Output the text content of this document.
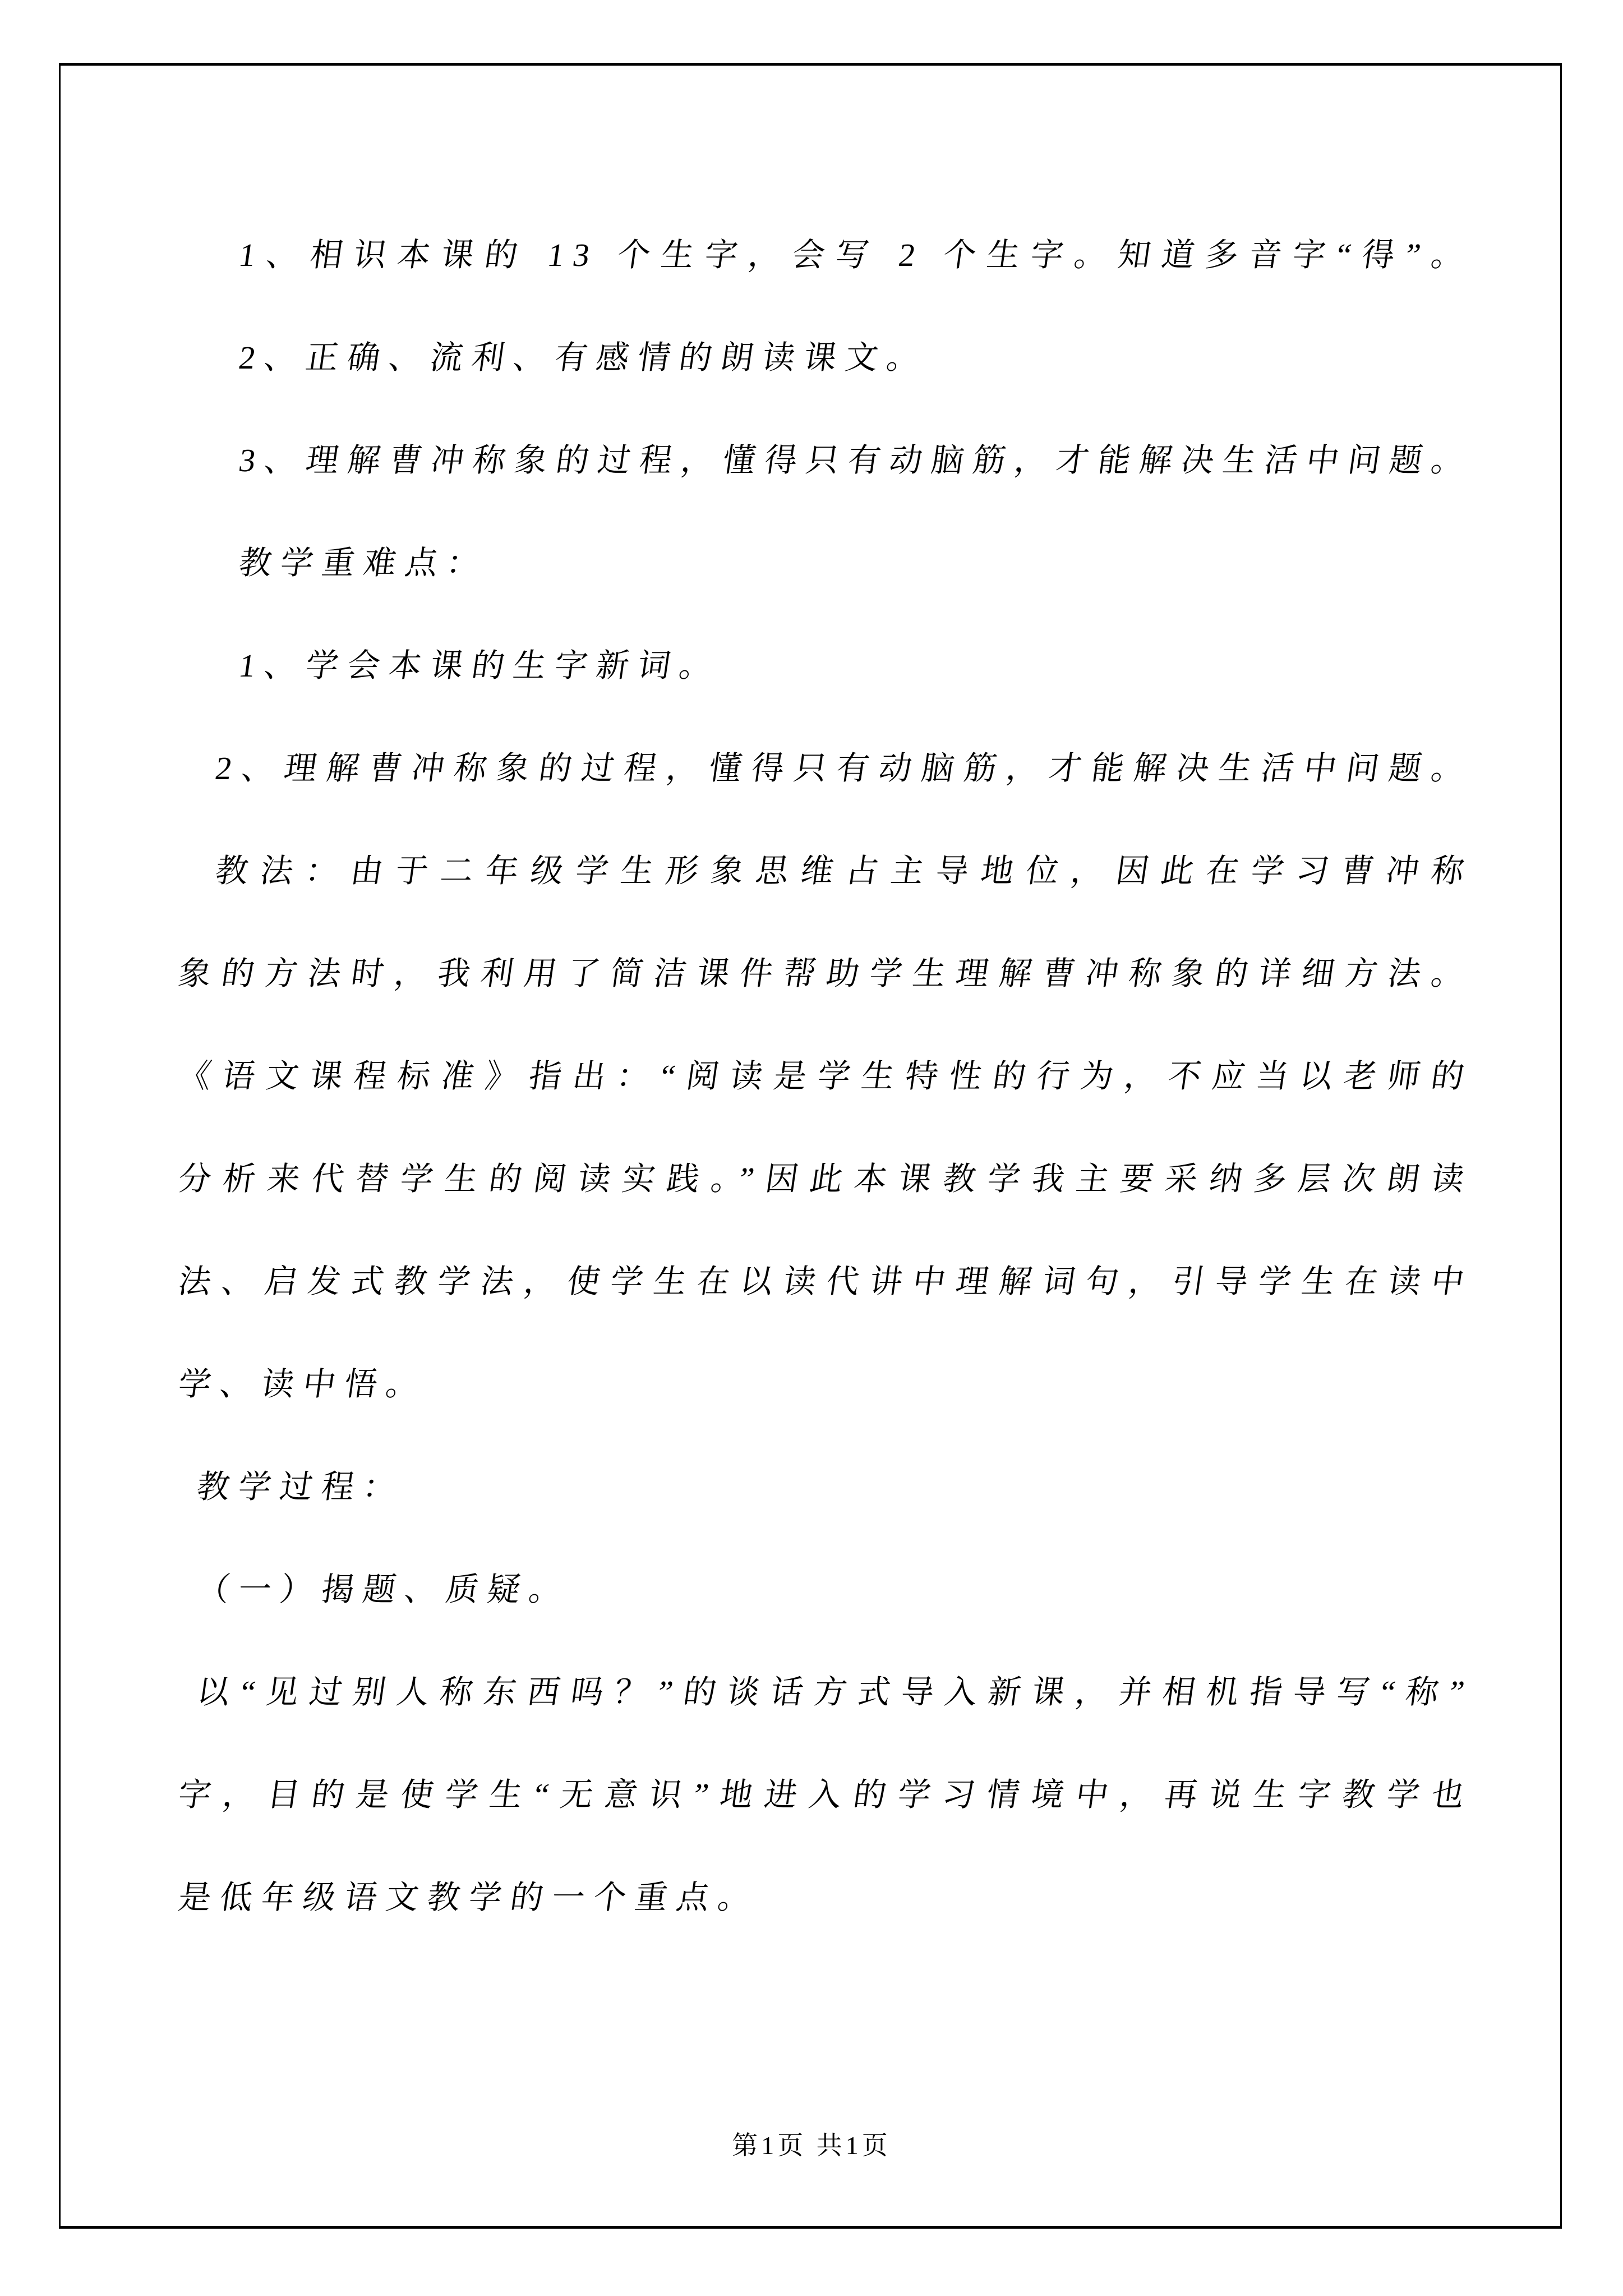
1、相识本课的 13 个生字，会写 2 个生字。知道多音字“得”。
2、正确、流利、有感情的朗读课文。
3、理解曹冲称象的过程，懂得只有动脑筋，才能解决生活中问题。
教学重难点：
1、学会本课的生字新词。
2、理解曹冲称象的过程，懂得只有动脑筋，才能解决生活中问题。
教法：由于二年级学生形象思维占主导地位，因此在学习曹冲称
象的方法时，我利用了简洁课件帮助学生理解曹冲称象的详细方法。
《语文课程标准》指出：“阅读是学生特性的行为，不应当以老师的
分析来代替学生的阅读实践。”因此本课教学我主要采纳多层次朗读
法、启发式教学法，使学生在以读代讲中理解词句，引导学生在读中
学、读中悟。
教学过程：
（一）揭题、质疑。
以“见过别人称东西吗？”的谈话方式导入新课，并相机指导写“称”
字，目的是使学生“无意识”地进入的学习情境中，再说生字教学也
是低年级语文教学的一个重点。
第1页 共1页
